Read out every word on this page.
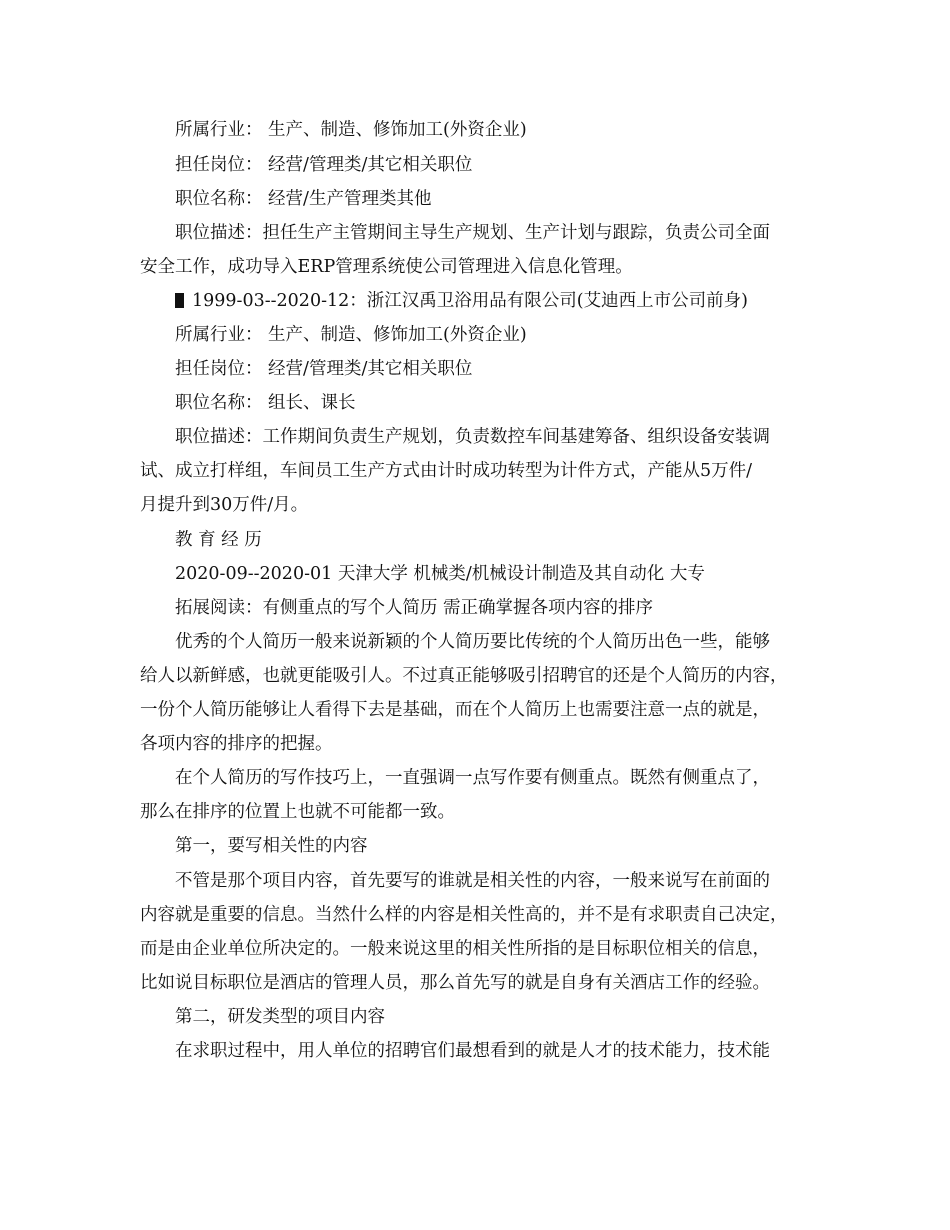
所属行业： 生产、制造、修饰加工(外资企业)

担任岗位： 经营/管理类/其它相关职位

职位名称： 经营/生产管理类其他

职位描述：担任生产主管期间主导生产规划、生产计划与跟踪，负责公司全面

安全工作，成功导入ERP管理系统使公司管理进入信息化管理。

1999-03--2020-12：浙江汉禹卫浴用品有限公司(艾迪西上市公司前身)

所属行业： 生产、制造、修饰加工(外资企业)

担任岗位： 经营/管理类/其它相关职位

职位名称： 组长、课长

职位描述：工作期间负责生产规划，负责数控车间基建筹备、组织设备安装调

试、成立打样组，车间员工生产方式由计时成功转型为计件方式，产能从5万件/

月提升到30万件/月。

教 育 经 历

2020-09--2020-01 天津大学 机械类/机械设计制造及其自动化 大专

拓展阅读：有侧重点的写个人简历 需正确掌握各项内容的排序

优秀的个人简历一般来说新颖的个人简历要比传统的个人简历出色一些，能够

给人以新鲜感，也就更能吸引人。不过真正能够吸引招聘官的还是个人简历的内容，

一份个人简历能够让人看得下去是基础，而在个人简历上也需要注意一点的就是，

各项内容的排序的把握。

在个人简历的写作技巧上，一直强调一点写作要有侧重点。既然有侧重点了，

那么在排序的位置上也就不可能都一致。

第一，要写相关性的内容

不管是那个项目内容，首先要写的谁就是相关性的内容，一般来说写在前面的

内容就是重要的信息。当然什么样的内容是相关性高的，并不是有求职责自己决定，

而是由企业单位所决定的。一般来说这里的相关性所指的是目标职位相关的信息，

比如说目标职位是酒店的管理人员，那么首先写的就是自身有关酒店工作的经验。

第二，研发类型的项目内容

在求职过程中，用人单位的招聘官们最想看到的就是人才的技术能力，技术能
